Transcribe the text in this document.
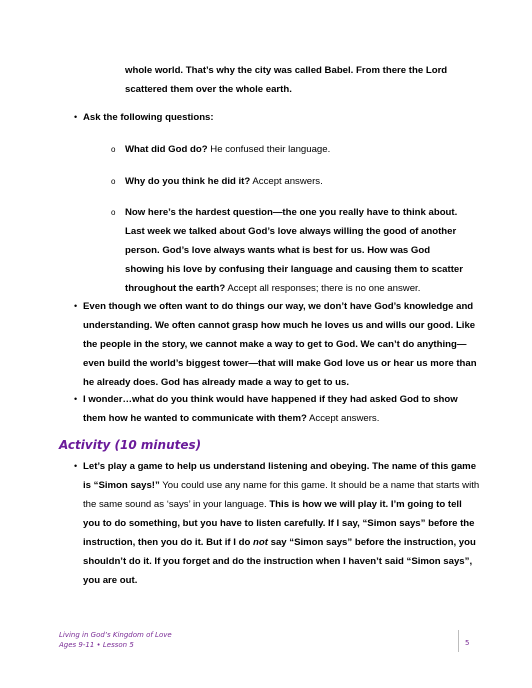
whole world. That’s why the city was called Babel. From there the Lord scattered them over the whole earth.
• Ask the following questions:
o What did God do? He confused their language.
o Why do you think he did it? Accept answers.
o Now here’s the hardest question—the one you really have to think about. Last week we talked about God’s love always willing the good of another person. God’s love always wants what is best for us. How was God showing his love by confusing their language and causing them to scatter throughout the earth? Accept all responses; there is no one answer.
• Even though we often want to do things our way, we don’t have God’s knowledge and understanding. We often cannot grasp how much he loves us and wills our good. Like the people in the story, we cannot make a way to get to God. We can’t do anything—even build the world’s biggest tower—that will make God love us or hear us more than he already does. God has already made a way to get to us.
• I wonder…what do you think would have happened if they had asked God to show them how he wanted to communicate with them? Accept answers.
Activity (10 minutes)
• Let’s play a game to help us understand listening and obeying. The name of this game is “Simon says!” You could use any name for this game. It should be a name that starts with the same sound as ‘says’ in your language. This is how we will play it. I’m going to tell you to do something, but you have to listen carefully. If I say, “Simon says” before the instruction, then you do it. But if I do not say “Simon says” before the instruction, you shouldn’t do it. If you forget and do the instruction when I haven’t said “Simon says”, you are out.
Living in God’s Kingdom of Love
Ages 9-11 • Lesson 5	5
